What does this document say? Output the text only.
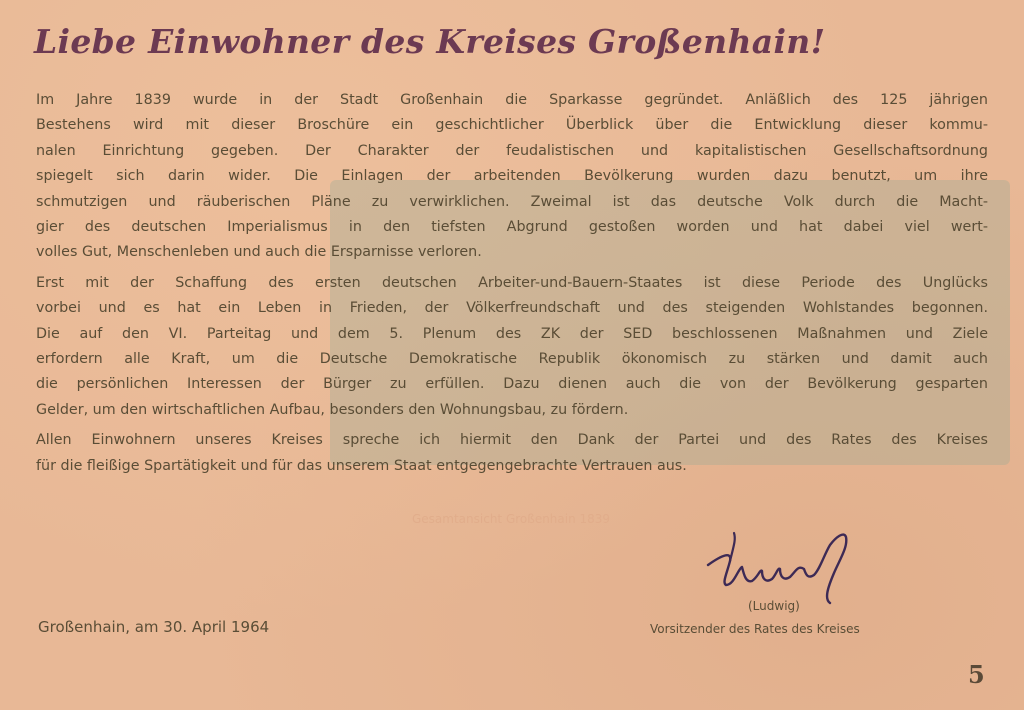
Liebe Einwohner des Kreises Großenhain!

Im Jahre 1839 wurde in der Stadt Großenhain die Sparkasse gegründet. Anläßlich des 125 jährigen
Bestehens wird mit dieser Broschüre ein geschichtlicher Überblick über die Entwicklung dieser kommu-
nalen Einrichtung gegeben. Der Charakter der feudalistischen und kapitalistischen Gesellschaftsordnung
spiegelt sich darin wider. Die Einlagen der arbeitenden Bevölkerung wurden dazu benutzt, um ihre
schmutzigen und räuberischen Pläne zu verwirklichen. Zweimal ist das deutsche Volk durch die Macht-
gier des deutschen Imperialismus in den tiefsten Abgrund gestoßen worden und hat dabei viel wert-
volles Gut, Menschenleben und auch die Ersparnisse verloren.

Erst mit der Schaffung des ersten deutschen Arbeiter-und-Bauern-Staates ist diese Periode des Unglücks
vorbei und es hat ein Leben in Frieden, der Völkerfreundschaft und des steigenden Wohlstandes begonnen.
Die auf den VI. Parteitag und dem 5. Plenum des ZK der SED beschlossenen Maßnahmen und Ziele
erfordern alle Kraft, um die Deutsche Demokratische Republik ökonomisch zu stärken und damit auch
die persönlichen Interessen der Bürger zu erfüllen. Dazu dienen auch die von der Bevölkerung gesparten
Gelder, um den wirtschaftlichen Aufbau, besonders den Wohnungsbau, zu fördern.

Allen Einwohnern unseres Kreises spreche ich hiermit den Dank der Partei und des Rates des Kreises
für die fleißige Spartätigkeit und für das unserem Staat entgegengebrachte Vertrauen aus.

Gesamtansicht Großenhain 1839
Großenhain, am 30. April 1964
(Ludwig)
Vorsitzender des Rates des Kreises
5
